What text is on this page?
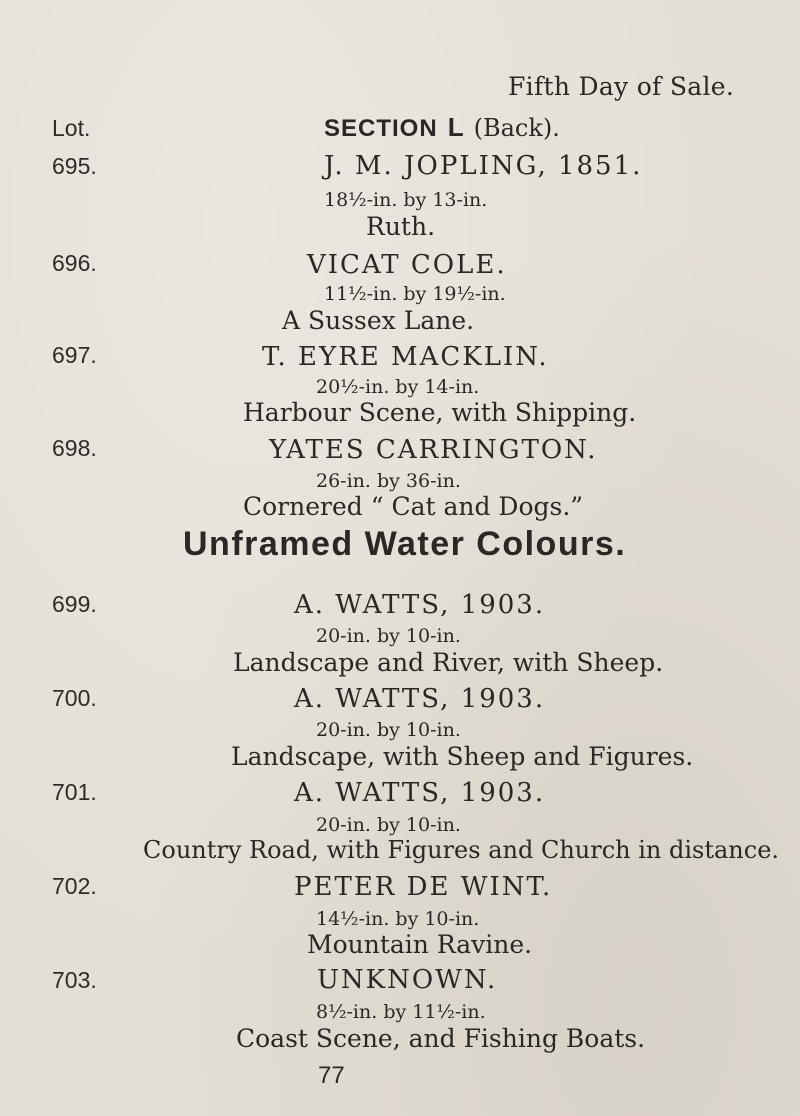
Fifth Day of Sale.
Lot.	SECTION L (Back).
695.	J. M. JOPLING, 1851.
18½-in. by 13-in.
Ruth.
696.	VICAT COLE.
11½-in. by 19½-in.
A Sussex Lane.
697.	T. EYRE MACKLIN.
20½-in. by 14-in.
Harbour Scene, with Shipping.
698.	YATES CARRINGTON.
26-in. by 36-in.
Cornered “ Cat and Dogs.”
Unframed Water Colours.
699.	A. WATTS, 1903.
20-in. by 10-in.
Landscape and River, with Sheep.
700.	A. WATTS, 1903.
20-in. by 10-in.
Landscape, with Sheep and Figures.
701.	A. WATTS, 1903.
20-in. by 10-in.
Country Road, with Figures and Church in distance.
702.	PETER DE WINT.
14½-in. by 10-in.
Mountain Ravine.
703.	UNKNOWN.
8½-in. by 11½-in.
Coast Scene, and Fishing Boats.
77
